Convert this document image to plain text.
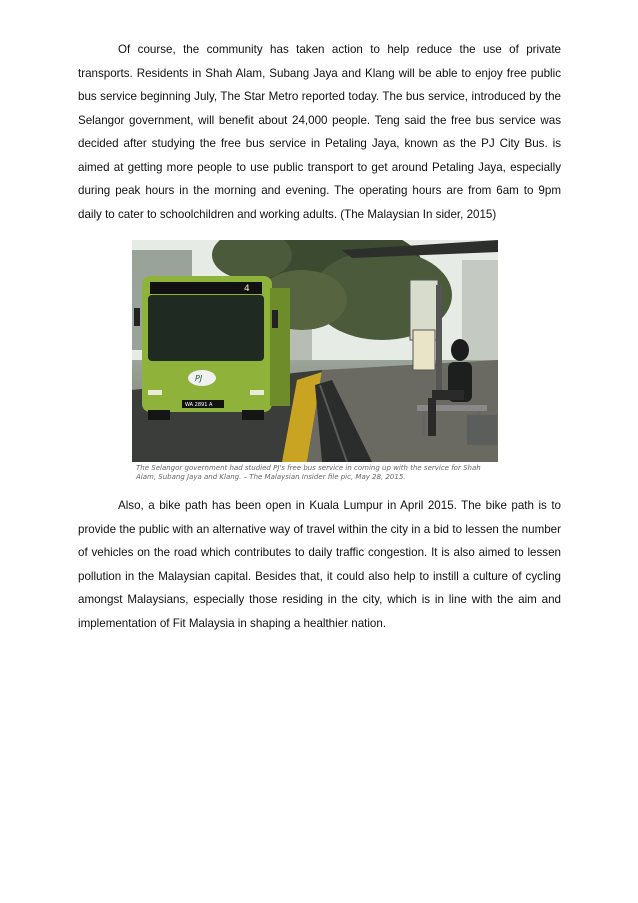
Of course, the community has taken action to help reduce the use of private transports. Residents in Shah Alam, Subang Jaya and Klang will be able to enjoy free public bus service beginning July, The Star Metro reported today. The bus service, introduced by the Selangor government, will benefit about 24,000 people. Teng said the free bus service was decided after studying the free bus service in Petaling Jaya, known as the PJ City Bus. is aimed at getting more people to use public transport to get around Petaling Jaya, especially during peak hours in the morning and evening. The operating hours are from 6am to 9pm daily to cater to schoolchildren and working adults. (The Malaysian In sider, 2015)

4
PJ
WA 2891 A

The Selangor government had studied PJ's free bus service in coming up with the service for Shah Alam, Subang Jaya and Klang. – The Malaysian Insider file pic, May 28, 2015.

Also, a bike path has been open in Kuala Lumpur in April 2015. The bike path is to provide the public with an alternative way of travel within the city in a bid to lessen the number of vehicles on the road which contributes to daily traffic congestion. It is also aimed to lessen pollution in the Malaysian capital. Besides that, it could also help to instill a culture of cycling amongst Malaysians, especially those residing in the city, which is in line with the aim and implementation of Fit Malaysia in shaping a healthier nation.
